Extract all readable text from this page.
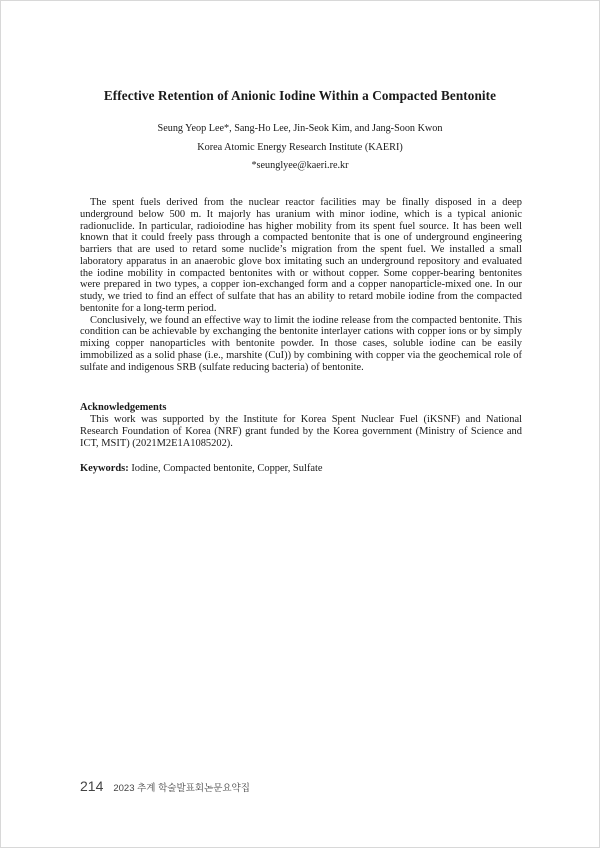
Effective Retention of Anionic Iodine Within a Compacted Bentonite
Seung Yeop Lee*, Sang-Ho Lee, Jin-Seok Kim, and Jang-Soon Kwon
Korea Atomic Energy Research Institute (KAERI)
*seunglyee@kaeri.re.kr

The spent fuels derived from the nuclear reactor facilities may be finally disposed in a deep underground below 500 m. It majorly has uranium with minor iodine, which is a typical anionic radionuclide. In particular, radioiodine has higher mobility from its spent fuel source. It has been well known that it could freely pass through a compacted bentonite that is one of underground engineering barriers that are used to retard some nuclide’s migration from the spent fuel. We installed a small laboratory apparatus in an anaerobic glove box imitating such an underground repository and evaluated the iodine mobility in compacted bentonites with or without copper. Some copper-bearing bentonites were prepared in two types, a copper ion-exchanged form and a copper nanoparticle-mixed one. In our study, we tried to find an effect of sulfate that has an ability to retard mobile iodine from the compacted bentonite for a long-term period.

Conclusively, we found an effective way to limit the iodine release from the compacted bentonite. This condition can be achievable by exchanging the bentonite interlayer cations with copper ions or by simply mixing copper nanoparticles with bentonite powder. In those cases, soluble iodine can be easily immobilized as a solid phase (i.e., marshite (CuI)) by combining with copper via the geochemical role of sulfate and indigenous SRB (sulfate reducing bacteria) of bentonite.

This work was supported by the Institute for Korea Spent Nuclear Fuel (iKSNF) and National Research Foundation of Korea (NRF) grant funded by the Korea government (Ministry of Science and ICT, MSIT) (2021M2E1A1085202).

Acknowledgements
Keywords: Iodine, Compacted bentonite, Copper, Sulfate
214 2023 추계 학술발표회논문요약집
